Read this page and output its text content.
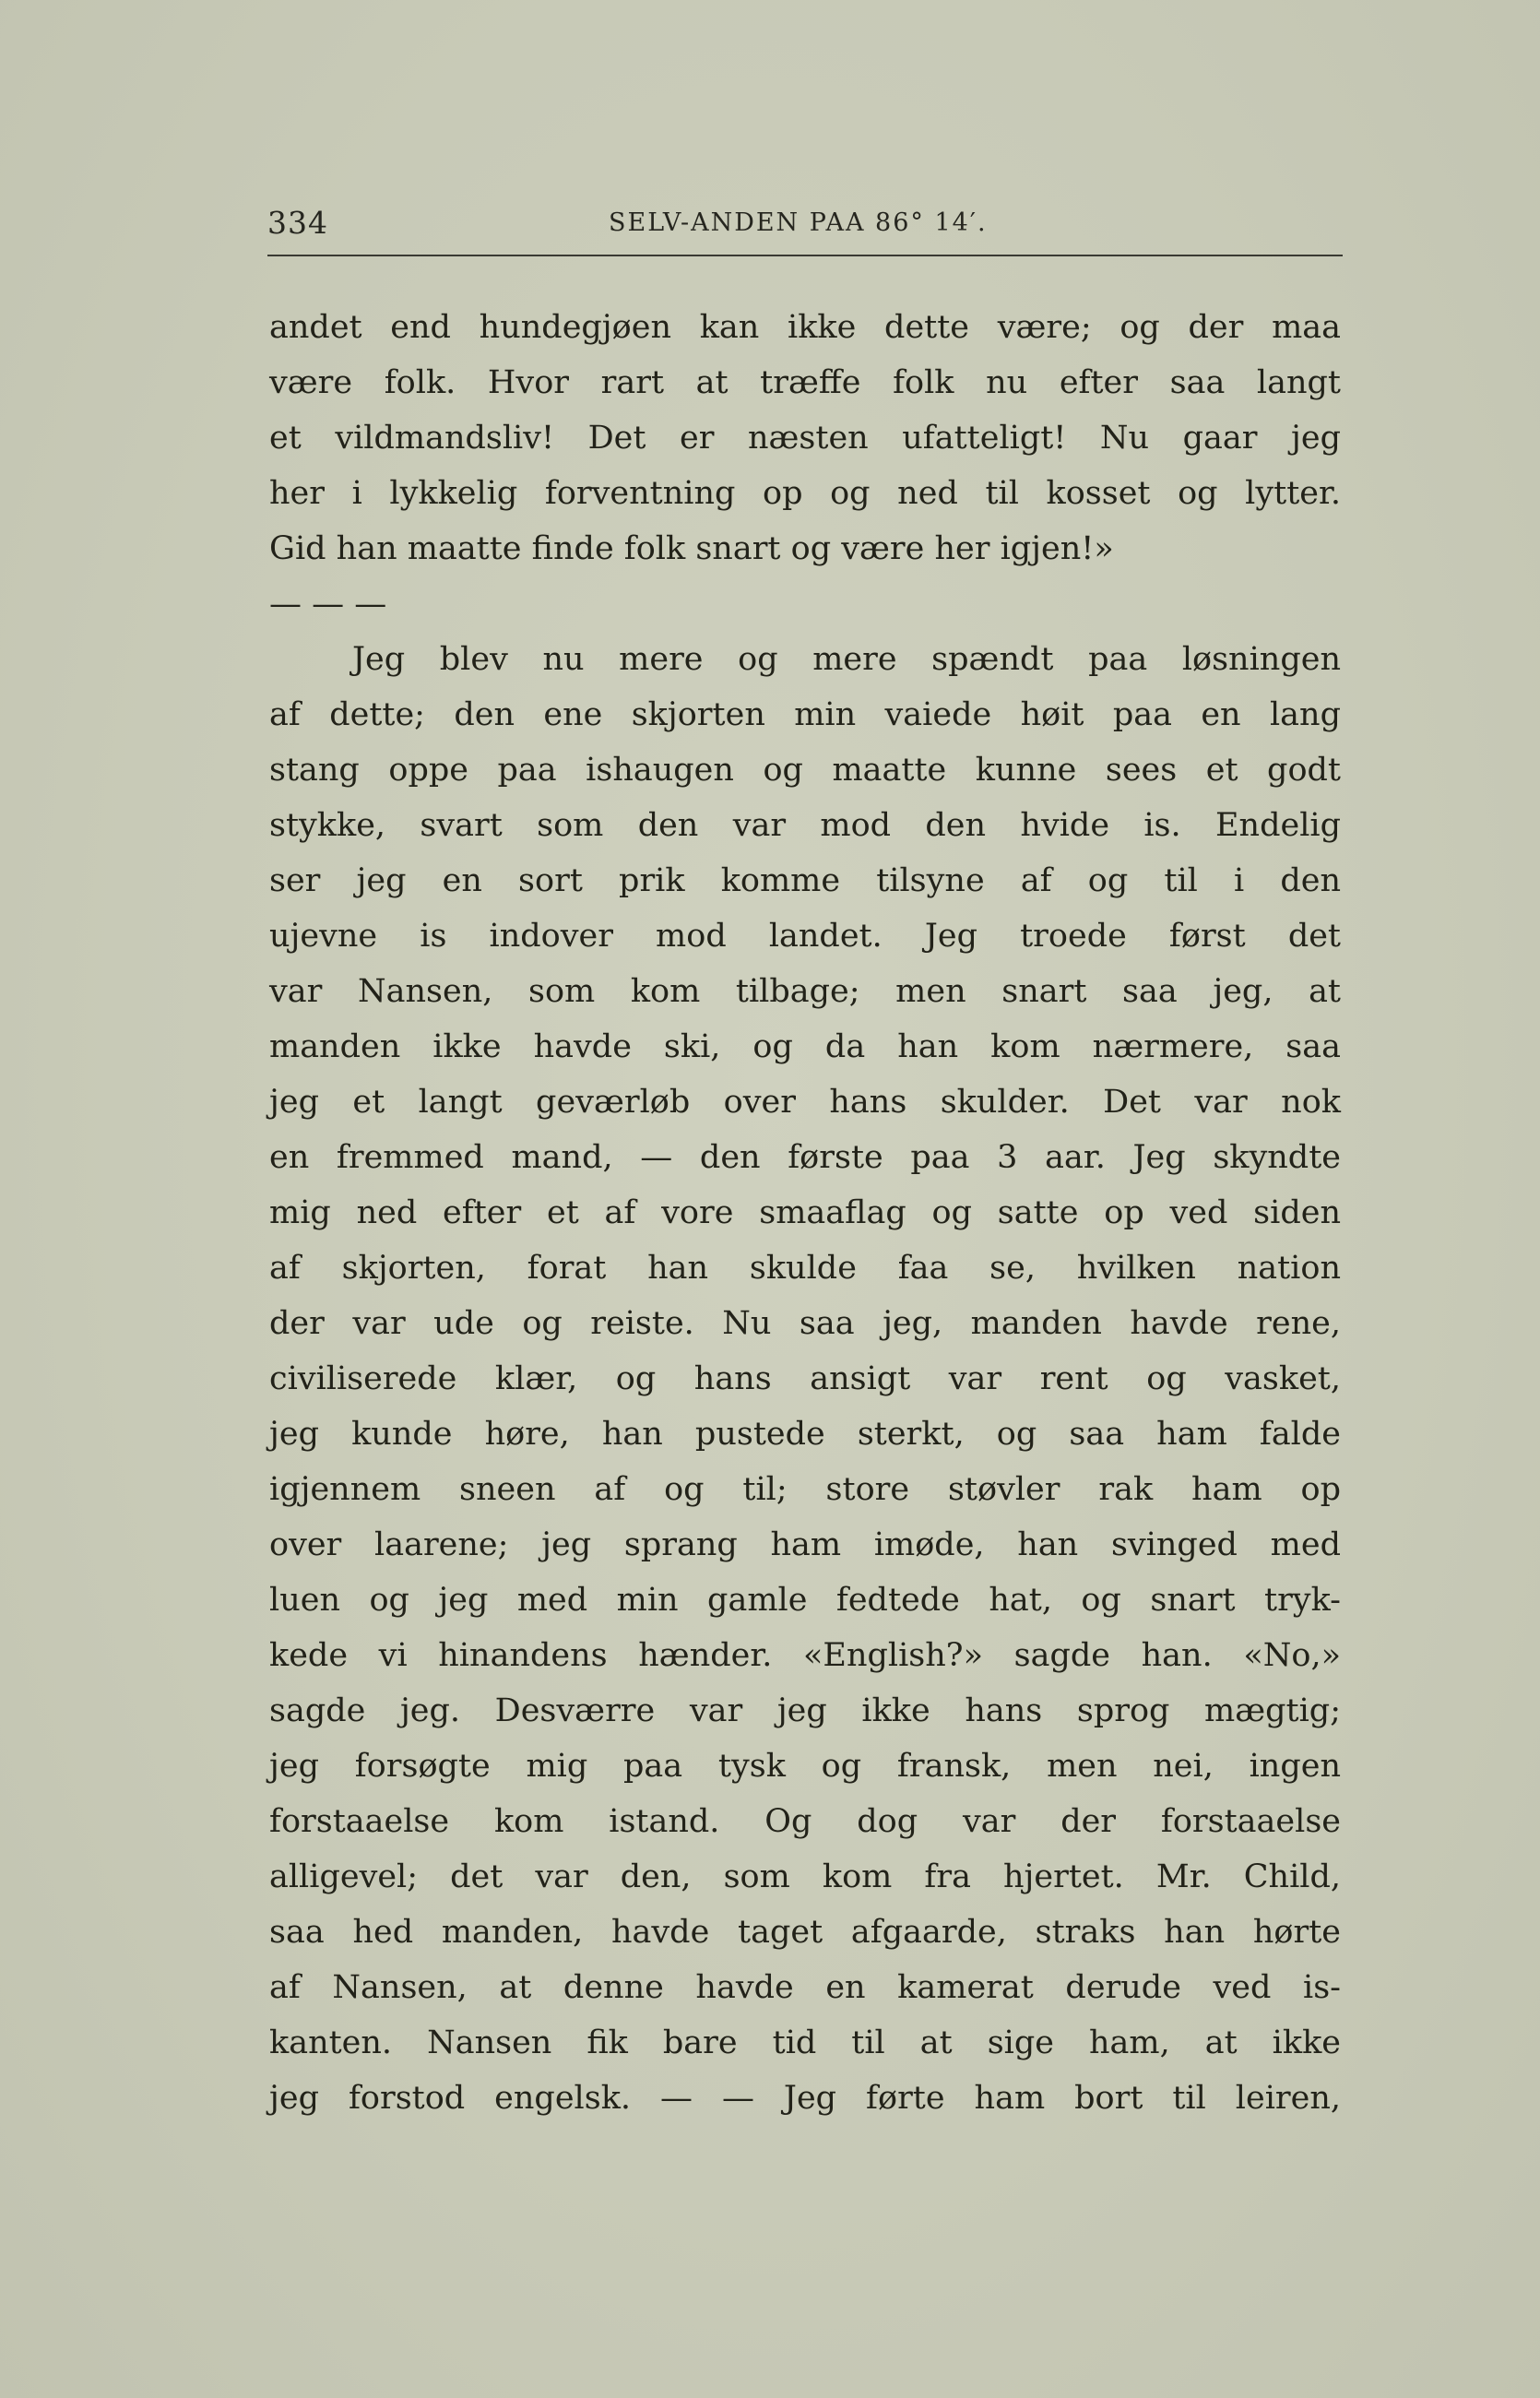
334	SELV-ANDEN PAA 86° 14′.
andet end hundegjøen kan ikke dette være; og der maa
være folk. Hvor rart at træffe folk nu efter saa langt
et vildmandsliv! Det er næsten ufatteligt! Nu gaar jeg
her i lykkelig forventning op og ned til kosset og lytter.
Gid han maatte finde folk snart og være her igjen!»
— — —
Jeg blev nu mere og mere spændt paa løsningen
af dette; den ene skjorten min vaiede høit paa en lang
stang oppe paa ishaugen og maatte kunne sees et godt
stykke, svart som den var mod den hvide is. Endelig
ser jeg en sort prik komme tilsyne af og til i den
ujevne is indover mod landet. Jeg troede først det
var Nansen, som kom tilbage; men snart saa jeg, at
manden ikke havde ski, og da han kom nærmere, saa
jeg et langt geværløb over hans skulder. Det var nok
en fremmed mand, — den første paa 3 aar. Jeg skyndte
mig ned efter et af vore smaaflag og satte op ved siden
af skjorten, forat han skulde faa se, hvilken nation
der var ude og reiste. Nu saa jeg, manden havde rene,
civiliserede klær, og hans ansigt var rent og vasket,
jeg kunde høre, han pustede sterkt, og saa ham falde
igjennem sneen af og til; store støvler rak ham op
over laarene; jeg sprang ham imøde, han svinged med
luen og jeg med min gamle fedtede hat, og snart tryk-
kede vi hinandens hænder. «English?» sagde han. «No,»
sagde jeg. Desværre var jeg ikke hans sprog mægtig;
jeg forsøgte mig paa tysk og fransk, men nei, ingen
forstaaelse kom istand. Og dog var der forstaaelse
alligevel; det var den, som kom fra hjertet. Mr. Child,
saa hed manden, havde taget afgaarde, straks han hørte
af Nansen, at denne havde en kamerat derude ved is-
kanten. Nansen fik bare tid til at sige ham, at ikke
jeg forstod engelsk. — — Jeg førte ham bort til leiren,
